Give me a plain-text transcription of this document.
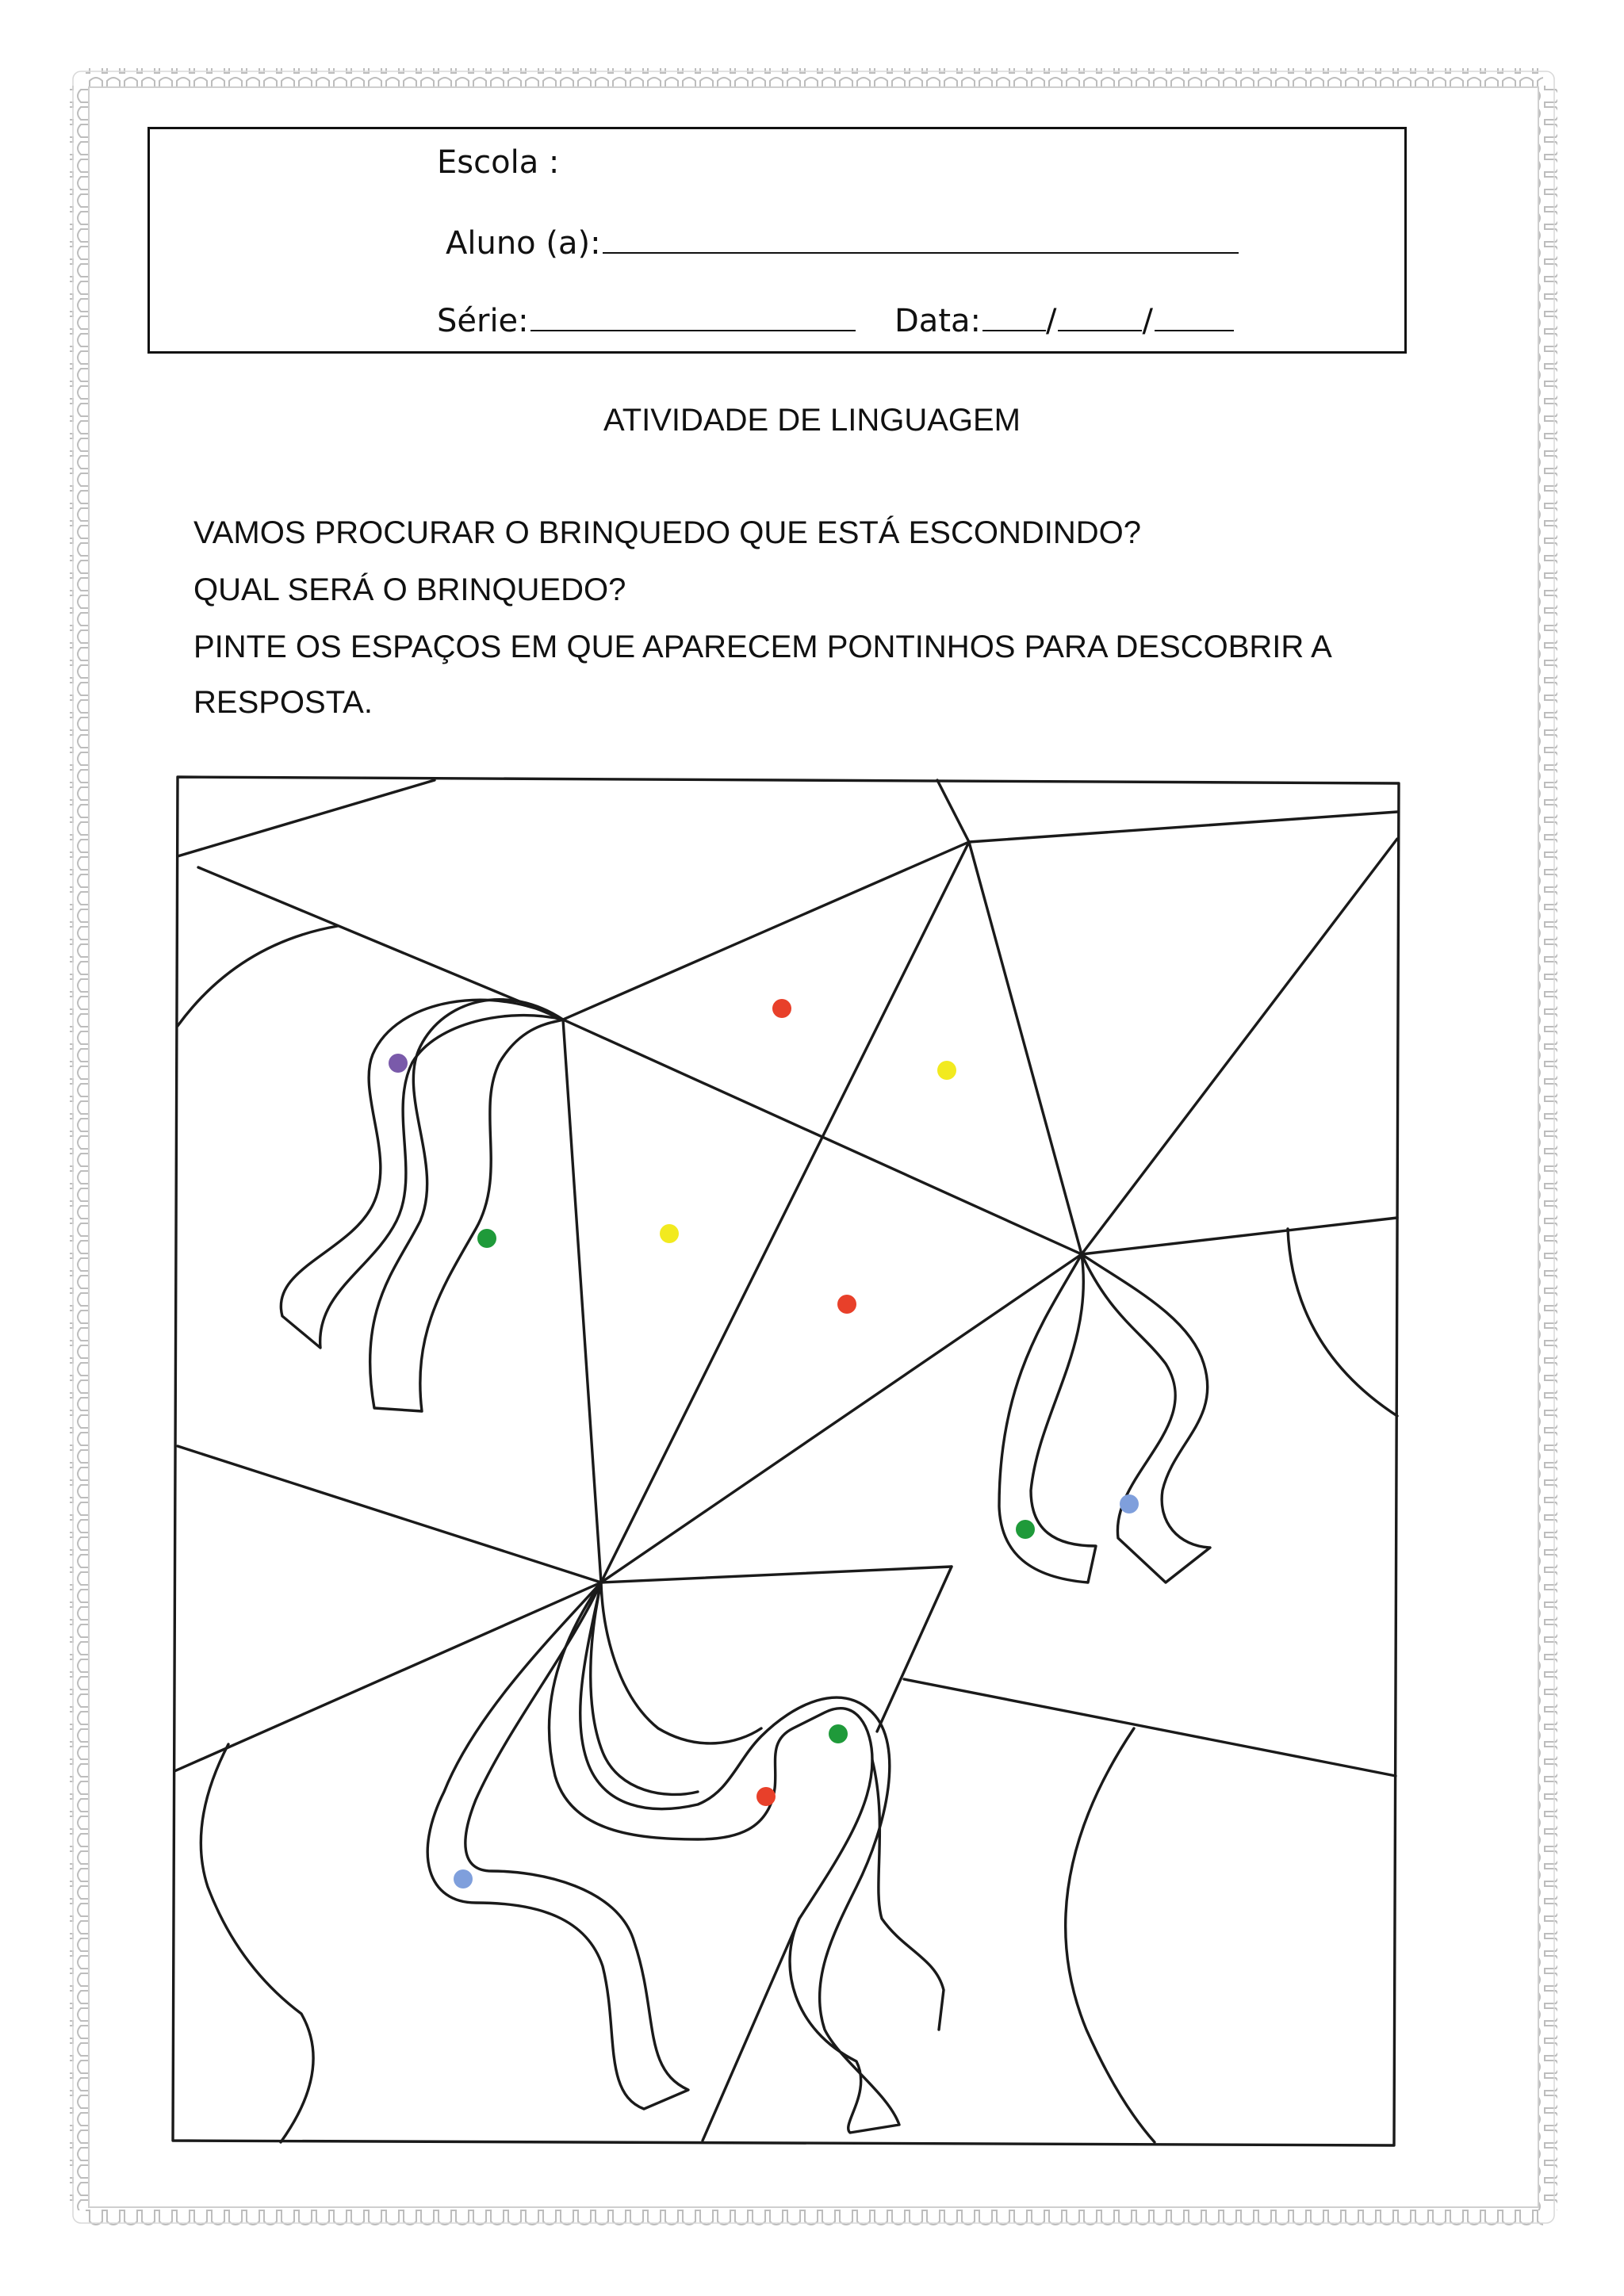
Escola :
Aluno (a):
Série:	Data: /	/
ATIVIDADE DE LINGUAGEM
VAMOS PROCURAR O BRINQUEDO QUE ESTÁ ESCONDINDO?
QUAL SERÁ O BRINQUEDO?
PINTE OS ESPAÇOS EM QUE APARECEM PONTINHOS PARA DESCOBRIR A
RESPOSTA.
